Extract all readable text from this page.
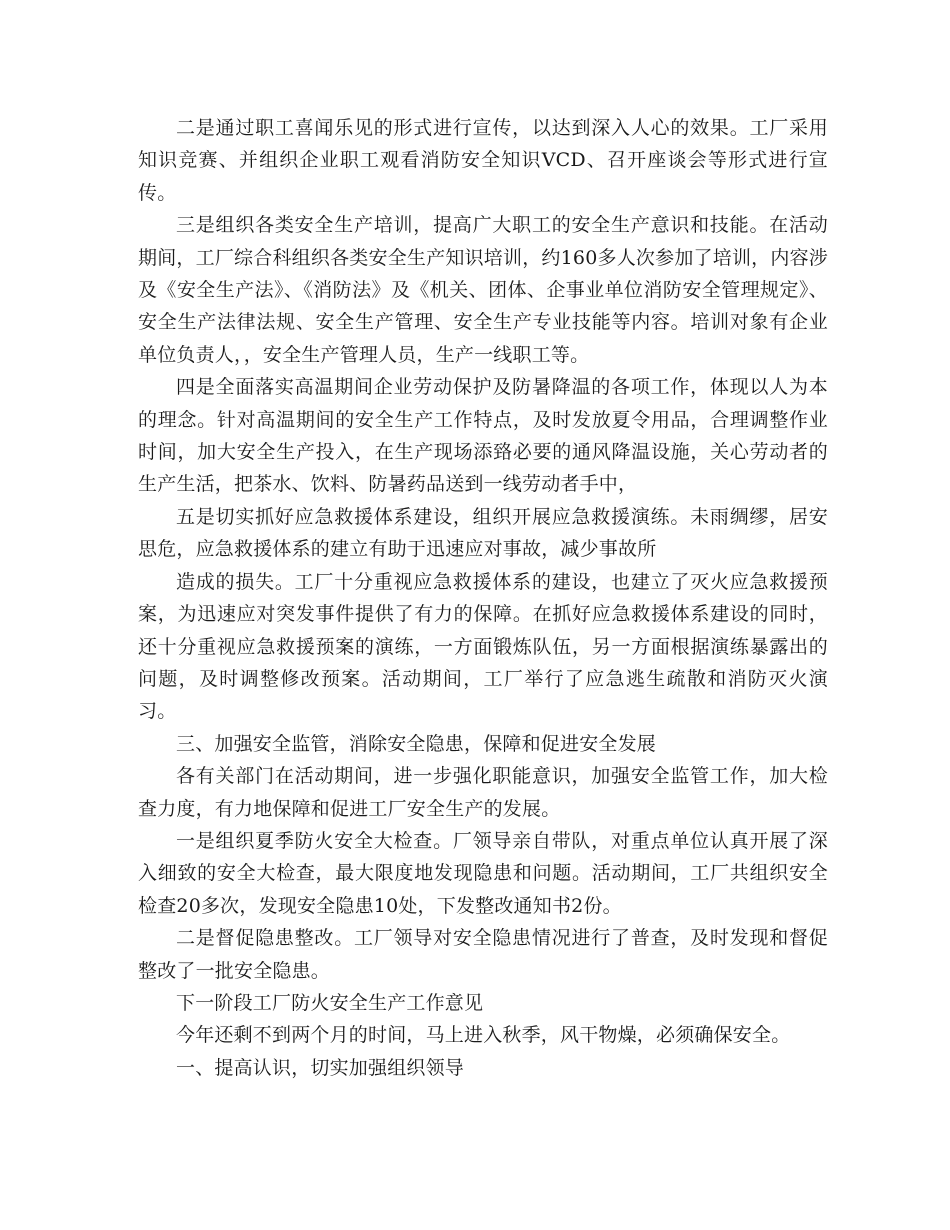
二是通过职工喜闻乐见的形式进行宣传，以达到深入人心的效果。工厂采用知识竞赛、并组织企业职工观看消防安全知识VCD、召开座谈会等形式进行宣传。

三是组织各类安全生产培训，提高广大职工的安全生产意识和技能。在活动期间，工厂综合科组织各类安全生产知识培训，约160多人次参加了培训，内容涉及《安全生产法》、《消防法》及《机关、团体、企事业单位消防安全管理规定》、安全生产法律法规、安全生产管理、安全生产专业技能等内容。培训对象有企业单位负责人，，安全生产管理人员，生产一线职工等。

四是全面落实高温期间企业劳动保护及防暑降温的各项工作，体现以人为本的理念。针对高温期间的安全生产工作特点，及时发放夏令用品，合理调整作业时间，加大安全生产投入，在生产现场添臵必要的通风降温设施，关心劳动者的生产生活，把茶水、饮料、防暑药品送到一线劳动者手中，

五是切实抓好应急救援体系建设，组织开展应急救援演练。未雨绸缪，居安思危，应急救援体系的建立有助于迅速应对事故，减少事故所

造成的损失。工厂十分重视应急救援体系的建设，也建立了灭火应急救援预案，为迅速应对突发事件提供了有力的保障。在抓好应急救援体系建设的同时，还十分重视应急救援预案的演练，一方面锻炼队伍，另一方面根据演练暴露出的问题，及时调整修改预案。活动期间，工厂举行了应急逃生疏散和消防灭火演习。

三、加强安全监管，消除安全隐患，保障和促进安全发展

各有关部门在活动期间，进一步强化职能意识，加强安全监管工作，加大检查力度，有力地保障和促进工厂安全生产的发展。

一是组织夏季防火安全大检查。厂领导亲自带队，对重点单位认真开展了深入细致的安全大检查，最大限度地发现隐患和问题。活动期间，工厂共组织安全检查20多次，发现安全隐患10处，下发整改通知书2份。

二是督促隐患整改。工厂领导对安全隐患情况进行了普查，及时发现和督促整改了一批安全隐患。

下一阶段工厂防火安全生产工作意见

今年还剩不到两个月的时间，马上进入秋季，风干物燥，必须确保安全。

一、提高认识，切实加强组织领导
